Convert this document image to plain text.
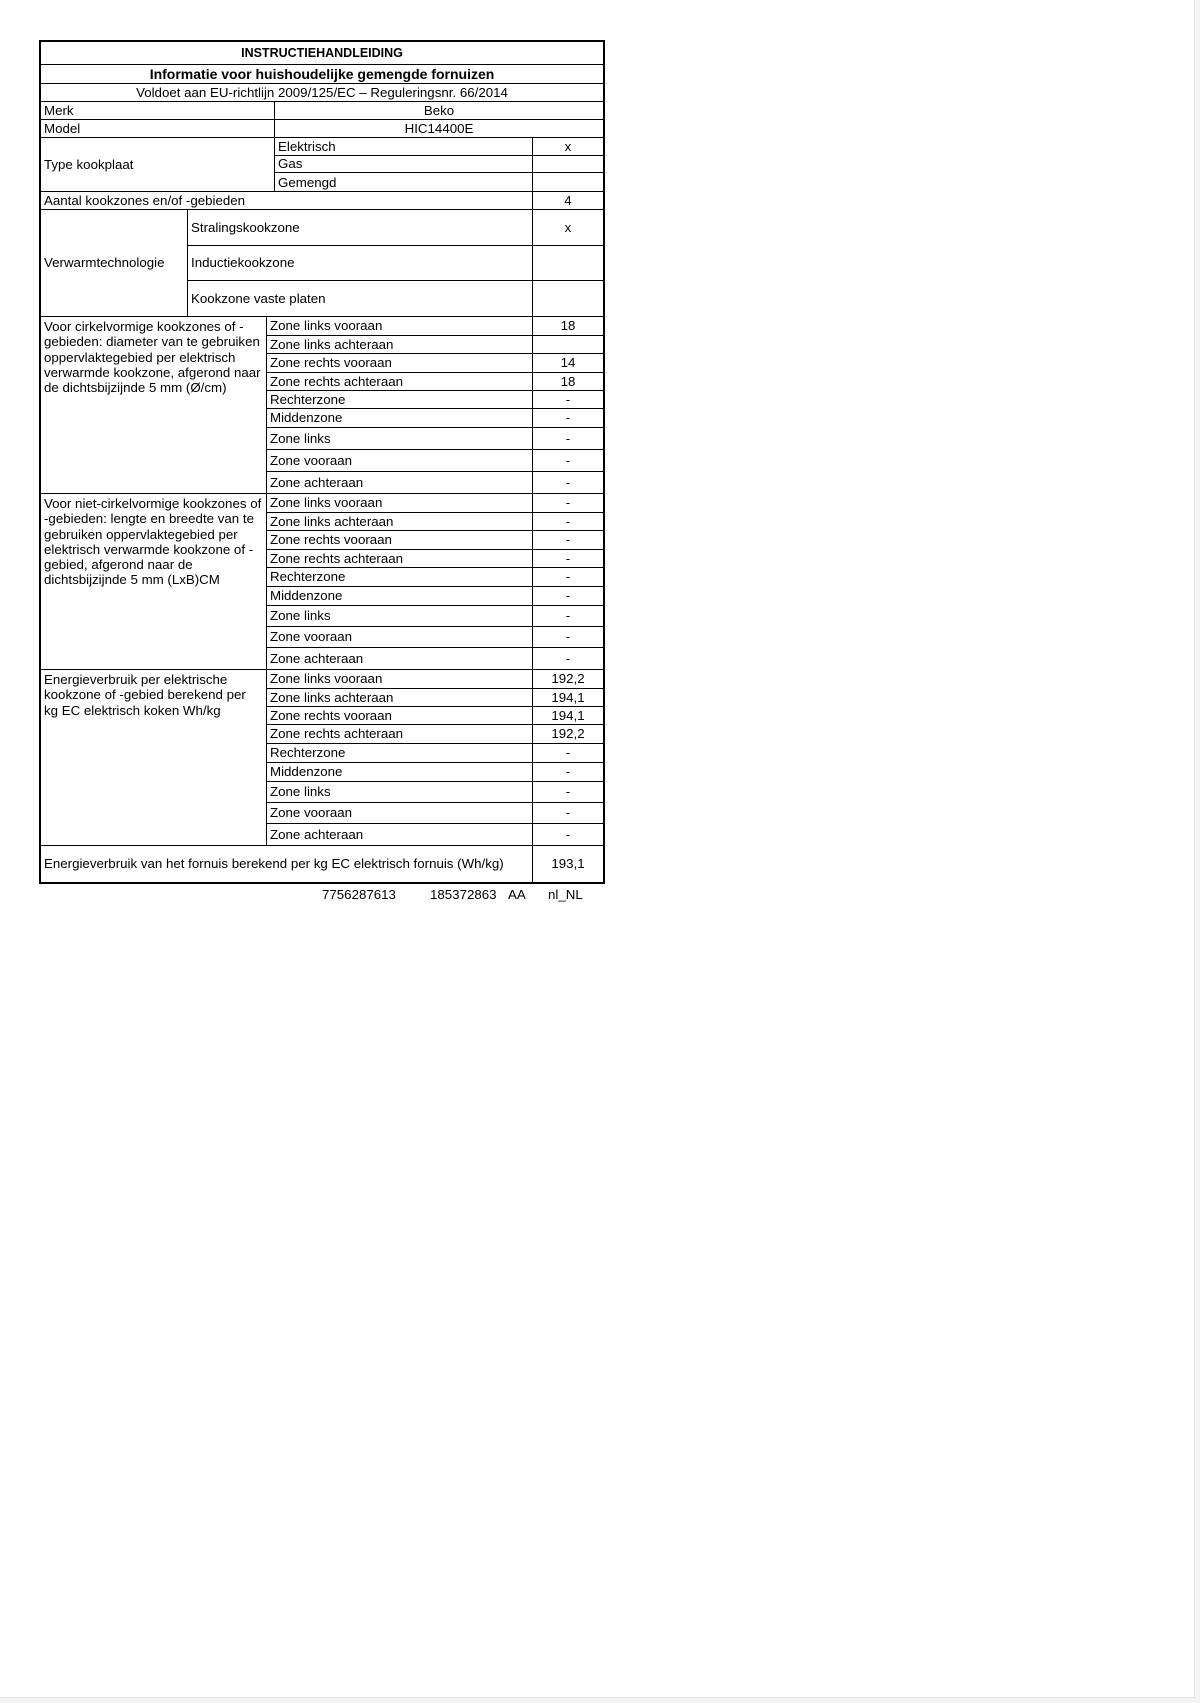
INSTRUCTIEHANDLEIDING
Informatie voor huishoudelijke gemengde fornuizen
Voldoet aan EU-richtlijn 2009/125/EC – Reguleringsnr. 66/2014
Merk	Beko
Model	HIC14400E
Type kookplaat
Elektrisch	x
Gas
Gemengd
Aantal kookzones en/of -gebieden	4
Verwarmtechnologie
Stralingskookzone	x
Inductiekookzone
Kookzone vaste platen
Voor cirkelvormige kookzones of -gebieden: diameter van te gebruiken oppervlaktegebied per elektrisch verwarmde kookzone, afgerond naar de dichtsbijzijnde 5 mm (Ø/cm)
Zone links vooraan	18
Zone links achteraan
Zone rechts vooraan	14
Zone rechts achteraan	18
Rechterzone	-
Middenzone	-
Zone links	-
Zone vooraan	-
Zone achteraan	-
Voor niet-cirkelvormige kookzones of -gebieden: lengte en breedte van te gebruiken oppervlaktegebied per elektrisch verwarmde kookzone of -gebied, afgerond naar de dichtsbijzijnde 5 mm (LxB)CM
Zone links vooraan	-
Zone links achteraan	-
Zone rechts vooraan	-
Zone rechts achteraan	-
Rechterzone	-
Middenzone	-
Zone links	-
Zone vooraan	-
Zone achteraan	-
Energieverbruik per elektrische kookzone of -gebied berekend per kg EC elektrisch koken Wh/kg
Zone links vooraan	192,2
Zone links achteraan	194,1
Zone rechts vooraan	194,1
Zone rechts achteraan	192,2
Rechterzone	-
Middenzone	-
Zone links	-
Zone vooraan	-
Zone achteraan	-
Energieverbruik van het fornuis berekend per kg EC elektrisch fornuis (Wh/kg)	193,1
7756287613	185372863 AA nl_NL
